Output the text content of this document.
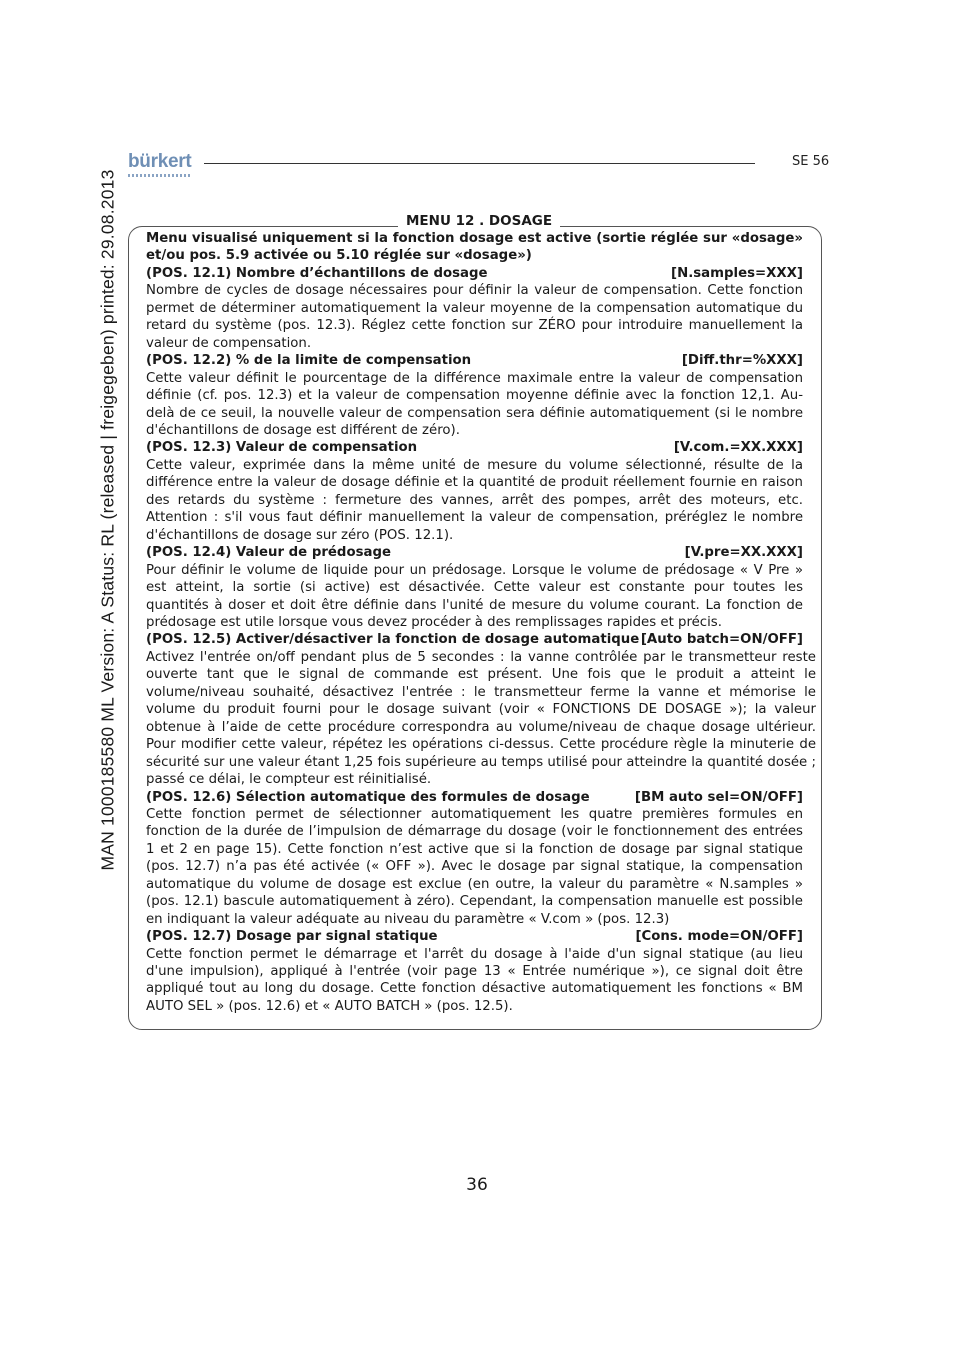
MAN 1000185580 ML Version: A Status: RL (released | freigegeben) printed: 29.08.2013
bürkert	SE 56
MENU 12 . DOSAGE

Menu visualisé uniquement si la fonction dosage est active (sortie réglée sur «dosage» et/ou pos. 5.9 activée ou 5.10 réglée sur «dosage»)

(POS. 12.1) Nombre d’échantillons de dosage	[N.samples=XXX]

Nombre de cycles de dosage nécessaires pour définir la valeur de compensation. Cette fonction permet de déterminer automatiquement la valeur moyenne de la compensation automatique du retard du système (pos. 12.3). Réglez cette fonction sur ZÉRO pour introduire manuellement la valeur de compensation.

(POS. 12.2) % de la limite de compensation	[Diff.thr=%XXX]

Cette valeur définit le pourcentage de la différence maximale entre la valeur de compensation définie (cf. pos. 12.3) et la valeur de compensation moyenne définie avec la fonction 12,1. Au-delà de ce seuil, la nouvelle valeur de compensation sera définie automatiquement (si le nombre d'échantillons de dosage est différent de zéro).

(POS. 12.3) Valeur de compensation	[V.com.=XX.XXX]

Cette valeur, exprimée dans la même unité de mesure du volume sélectionné, résulte de la différence entre la valeur de dosage définie et la quantité de produit réellement fournie en raison des retards du système : fermeture des vannes, arrêt des pompes, arrêt des moteurs, etc. Attention : s'il vous faut définir manuellement la valeur de compensation, préréglez le nombre d'échantillons de dosage sur zéro (POS. 12.1).

(POS. 12.4) Valeur de prédosage	[V.pre=XX.XXX]

Pour définir le volume de liquide pour un prédosage. Lorsque le volume de prédosage « V Pre » est atteint, la sortie (si active) est désactivée. Cette valeur est constante pour toutes les quantités à doser et doit être définie dans l'unité de mesure du volume courant. La fonction de prédosage est utile lorsque vous devez procéder à des remplissages rapides et précis.

(POS. 12.5) Activer/désactiver la fonction de dosage automatique [Auto batch=ON/OFF]

Activez l'entrée on/off pendant plus de 5 secondes : la vanne contrôlée par le transmetteur reste ouverte tant que le signal de commande est présent. Une fois que le produit a atteint le volume/niveau souhaité, désactivez l'entrée : le transmetteur ferme la vanne et mémorise le volume du produit fourni pour le dosage suivant (voir « FONCTIONS DE DOSAGE »); la valeur obtenue à l’aide de cette procédure correspondra au volume/niveau de chaque dosage ultérieur. Pour modifier cette valeur, répétez les opérations ci-dessus. Cette procédure règle la minuterie de sécurité sur une valeur étant 1,25 fois supérieure au temps utilisé pour atteindre la quantité dosée ; passé ce délai, le compteur est réinitialisé.

(POS. 12.6) Sélection automatique des formules de dosage	[BM auto sel=ON/OFF]

Cette fonction permet de sélectionner automatiquement les quatre premières formules en fonction de la durée de l’impulsion de démarrage du dosage (voir le fonctionnement des entrées 1 et 2 en page 15). Cette fonction n’est active que si la fonction de dosage par signal statique (pos. 12.7) n’a pas été activée (« OFF »). Avec le dosage par signal statique, la compensation automatique du volume de dosage est exclue (en outre, la valeur du paramètre « N.samples » (pos. 12.1) bascule automatiquement à zéro). Cependant, la compensation manuelle est possible en indiquant la valeur adéquate au niveau du paramètre « V.com » (pos. 12.3)

(POS. 12.7) Dosage par signal statique	[Cons. mode=ON/OFF]

Cette fonction permet le démarrage et l'arrêt du dosage à l'aide d'un signal statique (au lieu d'une impulsion), appliqué à l'entrée (voir page 13 « Entrée numérique »), ce signal doit être appliqué tout au long du dosage. Cette fonction désactive automatiquement les fonctions « BM AUTO SEL » (pos. 12.6) et « AUTO BATCH » (pos. 12.5).

36
